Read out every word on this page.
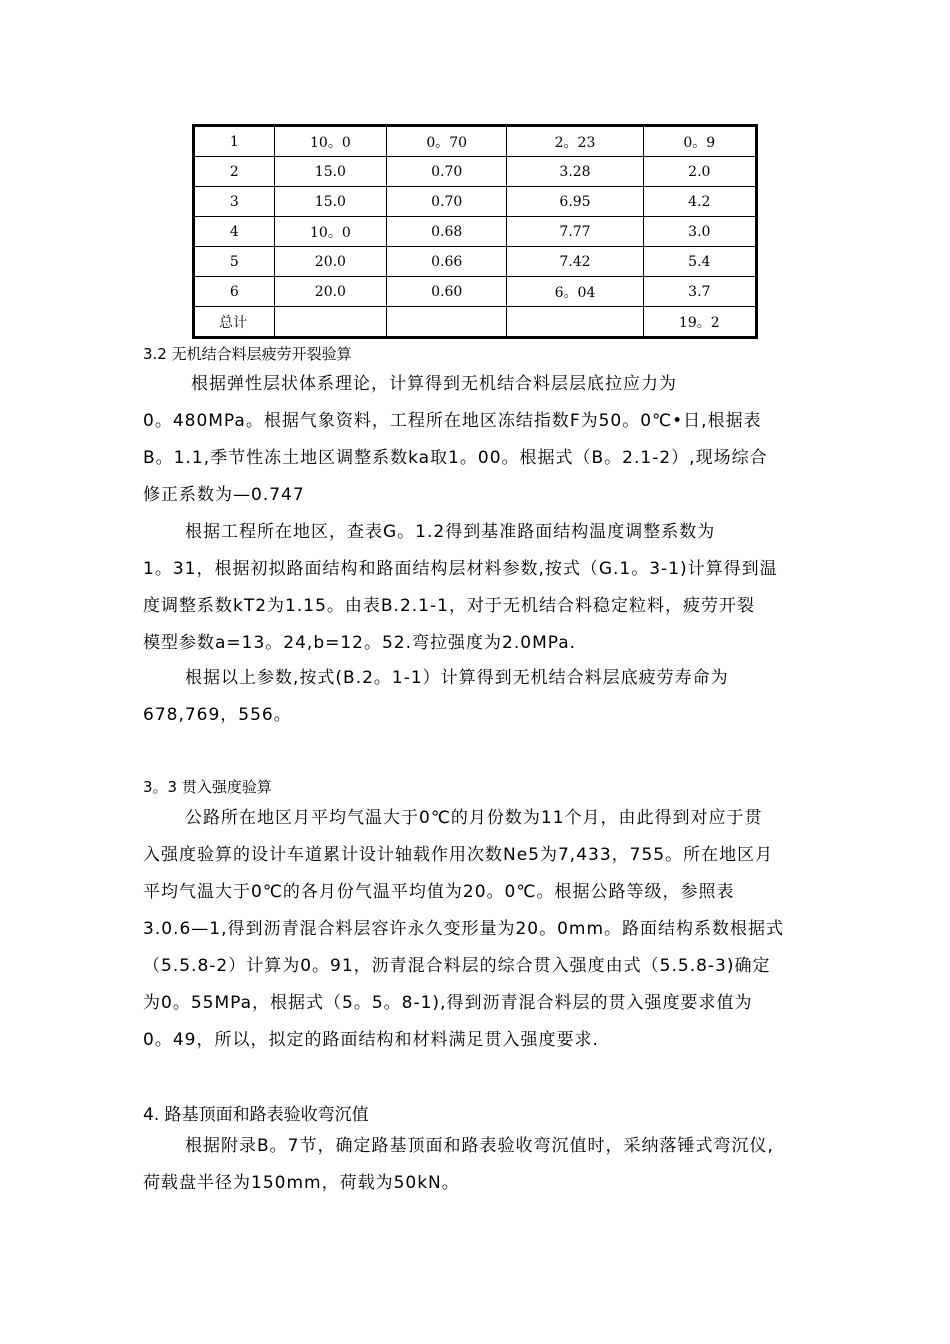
1	10。0	0。70	2。23	0。9
2	15.0	0.70	3.28	2.0
3	15.0	0.70	6.95	4.2
4	10。0	0.68	7.77	3.0
5	20.0	0.66	7.42	5.4
6	20.0	0.60	6。04	3.7
总计				19。2
3.2 无机结合料层疲劳开裂验算
根据弹性层状体系理论，计算得到无机结合料层层底拉应力为
0。480MPa。根据气象资料，工程所在地区冻结指数F为50。0℃•日,根据表
B。1.1,季节性冻土地区调整系数ka取1。00。根据式（B。2.1-2）,现场综合
修正系数为—0.747
根据工程所在地区，查表G。1.2得到基准路面结构温度调整系数为
1。31，根据初拟路面结构和路面结构层材料参数,按式（G.1。3-1)计算得到温
度调整系数kT2为1.15。由表B.2.1-1，对于无机结合料稳定粒料，疲劳开裂
模型参数a=13。24,b=12。52.弯拉强度为2.0MPa.
根据以上参数,按式(B.2。1-1）计算得到无机结合料层底疲劳寿命为
678,769，556。
3。3 贯入强度验算
公路所在地区月平均气温大于0℃的月份数为11个月，由此得到对应于贯
入强度验算的设计车道累计设计轴载作用次数Ne5为7,433，755。所在地区月
平均气温大于0℃的各月份气温平均值为20。0℃。根据公路等级，参照表
3.0.6—1,得到沥青混合料层容许永久变形量为20。0mm。路面结构系数根据式
（5.5.8-2）计算为0。91，沥青混合料层的综合贯入强度由式（5.5.8-3)确定
为0。55MPa，根据式（5。5。8-1),得到沥青混合料层的贯入强度要求值为
0。49，所以，拟定的路面结构和材料满足贯入强度要求.
4. 路基顶面和路表验收弯沉值
根据附录B。7节，确定路基顶面和路表验收弯沉值时，采纳落锤式弯沉仪,
荷载盘半径为150mm，荷载为50kN。
